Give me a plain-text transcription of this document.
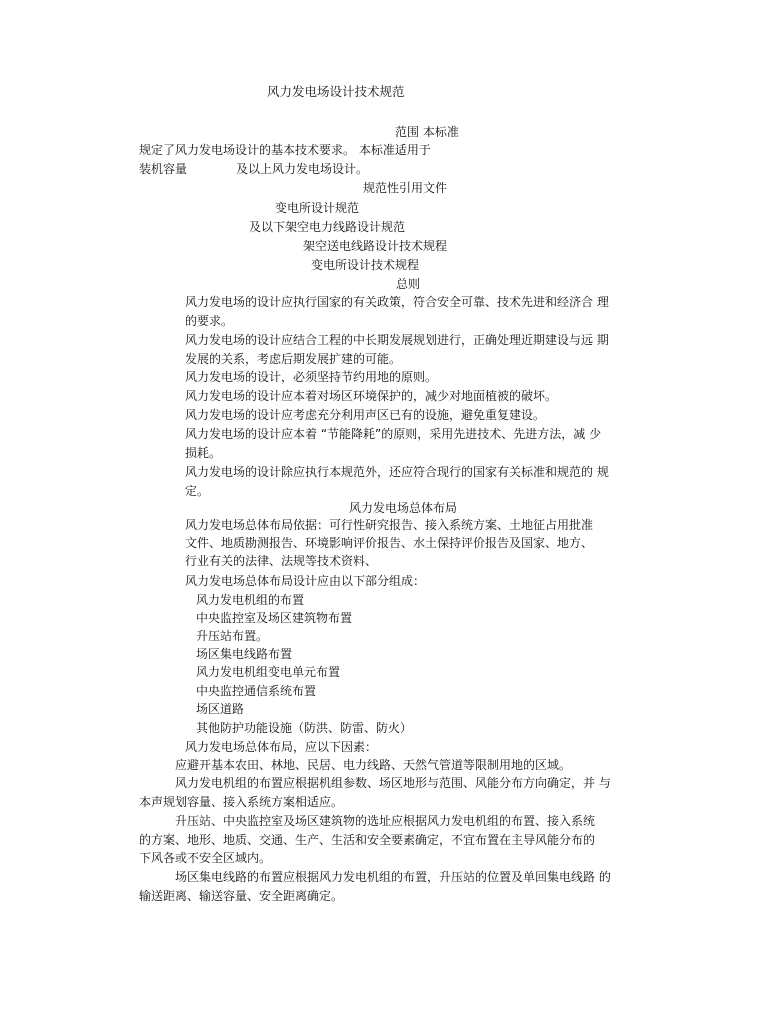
风力发电场设计技术规范
范围 本标准
规定了风力发电场设计的基本技术要求。 本标准适用于
装机容量	及以上风力发电场设计。
规范性引用文件
变电所设计规范
及以下架空电力线路设计规范
架空送电线路设计技术规程
变电所设计技术规程
总则
风力发电场的设计应执行国家的有关政策，符合安全可靠、技术先进和经济合 理
的要求。
风力发电场的设计应结合工程的中长期发展规划进行，正确处理近期建设与远 期
发展的关系，考虑后期发展扩建的可能。
风力发电场的设计，必须坚持节约用地的原则。
风力发电场的设计应本着对场区环境保护的，减少对地面植被的破坏。
风力发电场的设计应考虑充分利用声区已有的设施，避免重复建设。
风力发电场的设计应本着 “节能降耗”的原则，采用先进技术、先进方法，减 少
损耗。
风力发电场的设计除应执行本规范外，还应符合现行的国家有关标准和规范的 规
定。
风力发电场总体布局
风力发电场总体布局依据：可行性研究报告、接入系统方案、土地征占用批准
文件、地质勘测报告、环境影响评价报告、水土保持评价报告及国家、地方、
行业有关的法律、法规等技术资料、
风力发电场总体布局设计应由以下部分组成：
风力发电机组的布置
中央监控室及场区建筑物布置
升压站布置。
场区集电线路布置
风力发电机组变电单元布置
中央监控通信系统布置
场区道路
其他防护功能设施（防洪、防雷、防火）
风力发电场总体布局，应以下因素：
应避开基本农田、林地、民居、电力线路、天然气管道等限制用地的区域。
风力发电机组的布置应根据机组参数、场区地形与范围、风能分布方向确定，并 与
本声规划容量、接入系统方案相适应。
升压站、中央监控室及场区建筑物的选址应根据风力发电机组的布置、接入系统
的方案、地形、地质、交通、生产、生活和安全要素确定，不宜布置在主导风能分布的
下风各或不安全区域内。
场区集电线路的布置应根据风力发电机组的布置，升压站的位置及单回集电线路 的
输送距离、输送容量、安全距离确定。
